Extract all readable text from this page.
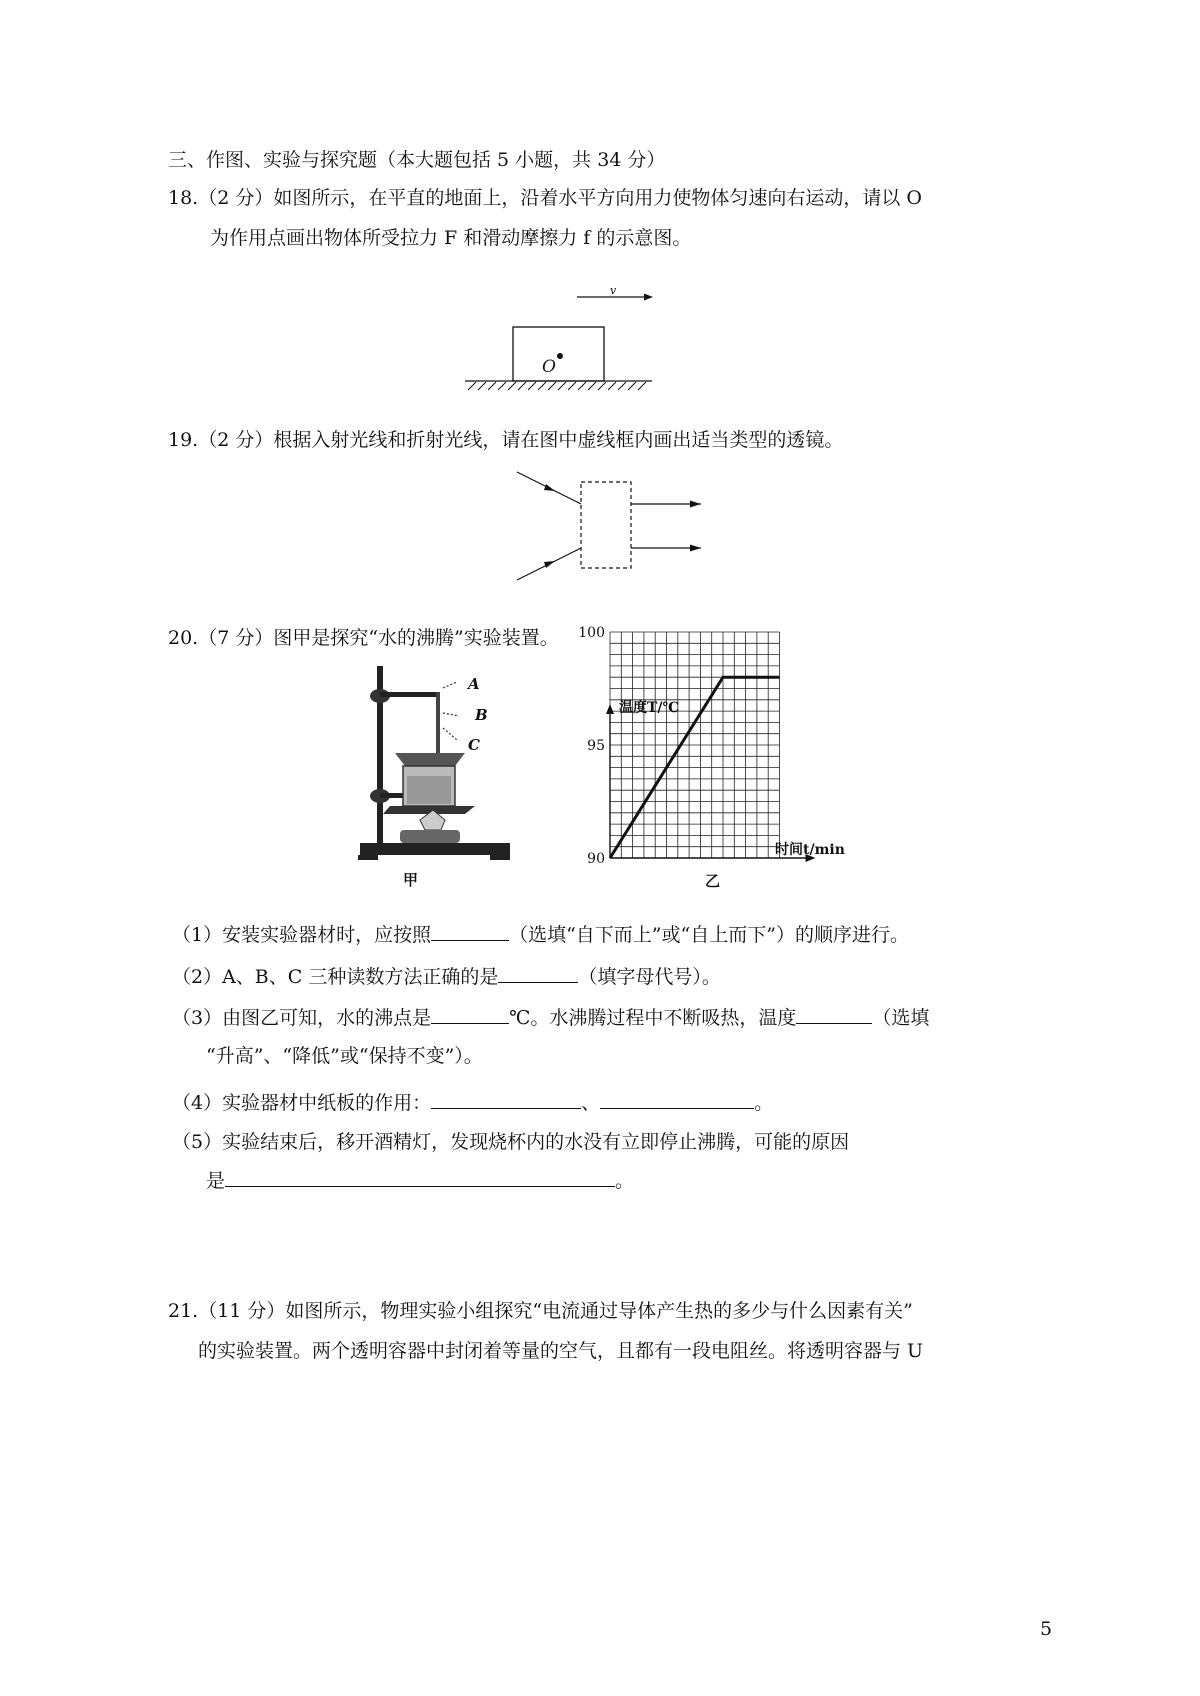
三、作图、实验与探究题（本大题包括 5 小题，共 34 分）
18.（2 分）如图所示，在平直的地面上，沿着水平方向用力使物体匀速向右运动，请以 O
为作用点画出物体所受拉力 F 和滑动摩擦力 f 的示意图。
v
O
19.（2 分）根据入射光线和折射光线，请在图中虚线框内画出适当类型的透镜。
20.（7 分）图甲是探究“水的沸腾”实验装置。
A
B
C
甲
100
95
90
温度T/℃
时间t/min
乙
（1）安装实验器材时，应按照	（选填“自下而上”或“自上而下”）的顺序进行。
（2）A、B、C 三种读数方法正确的是	（填字母代号）。
（3）由图乙可知，水的沸点是	℃。水沸腾过程中不断吸热，温度	（选填
“升高”、“降低”或“保持不变”）。
（4）实验器材中纸板的作用：	、	。
（5）实验结束后，移开酒精灯，发现烧杯内的水没有立即停止沸腾，可能的原因
是	。
21.（11 分）如图所示，物理实验小组探究“电流通过导体产生热的多少与什么因素有关”
的实验装置。两个透明容器中封闭着等量的空气，且都有一段电阻丝。将透明容器与 U
5
